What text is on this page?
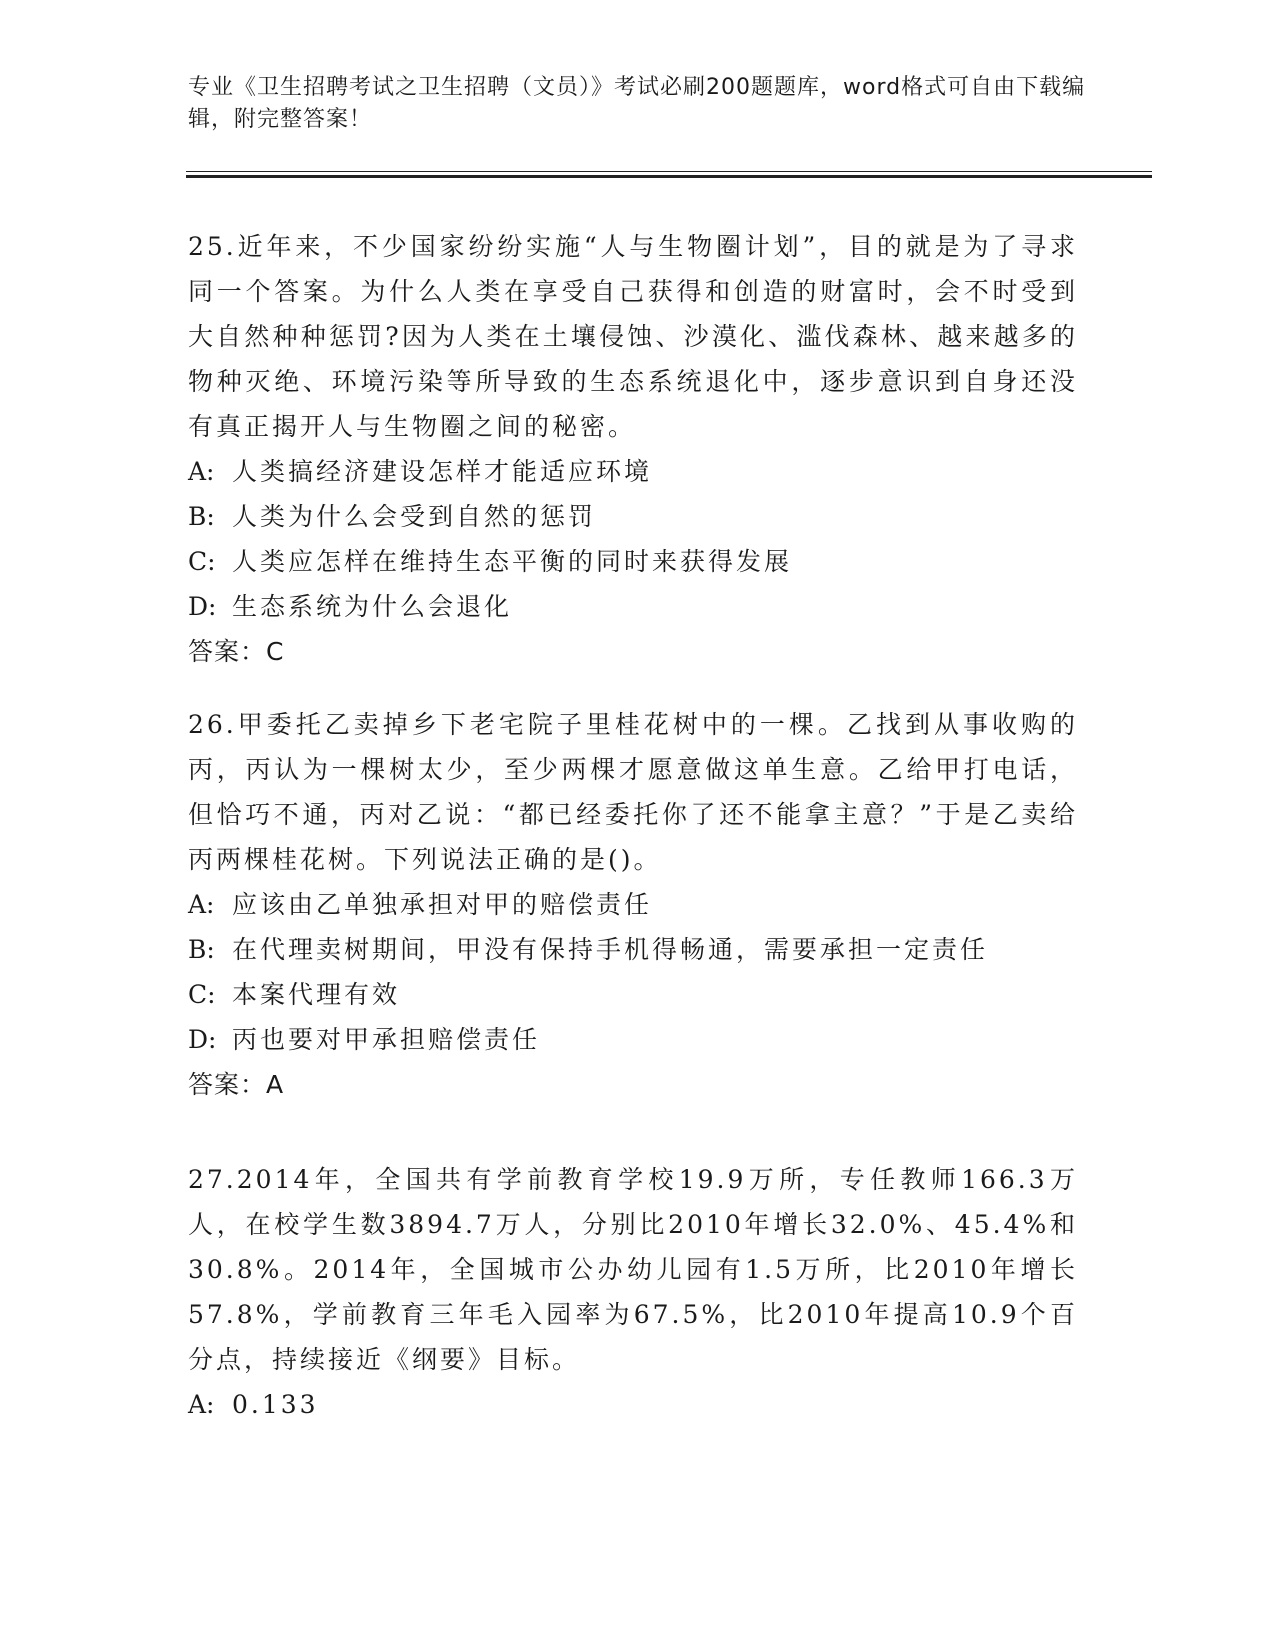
专业《卫生招聘考试之卫生招聘（文员）》考试必刷200题题库，word格式可自由下载编辑，附完整答案！

25.近年来，不少国家纷纷实施“人与生物圈计划”，目的就是为了寻求同一个答案。为什么人类在享受自己获得和创造的财富时，会不时受到大自然种种惩罚?因为人类在土壤侵蚀、沙漠化、滥伐森林、越来越多的物种灭绝、环境污染等所导致的生态系统退化中，逐步意识到自身还没有真正揭开人与生物圈之间的秘密。

A: 人类搞经济建设怎样才能适应环境

B: 人类为什么会受到自然的惩罚

C: 人类应怎样在维持生态平衡的同时来获得发展

D: 生态系统为什么会退化

答案：C

26.甲委托乙卖掉乡下老宅院子里桂花树中的一棵。乙找到从事收购的丙，丙认为一棵树太少，至少两棵才愿意做这单生意。乙给甲打电话，但恰巧不通，丙对乙说：“都已经委托你了还不能拿主意？”于是乙卖给丙两棵桂花树。下列说法正确的是()。

A: 应该由乙单独承担对甲的赔偿责任

B: 在代理卖树期间，甲没有保持手机得畅通，需要承担一定责任

C: 本案代理有效

D: 丙也要对甲承担赔偿责任

答案：A

27.2014年，全国共有学前教育学校19.9万所，专任教师166.3万人，在校学生数3894.7万人，分别比2010年增长32.0%、45.4%和30.8%。2014年，全国城市公办幼儿园有1.5万所，比2010年增长57.8%，学前教育三年毛入园率为67.5%，比2010年提高10.9个百分点，持续接近《纲要》目标。

A: 0.133
